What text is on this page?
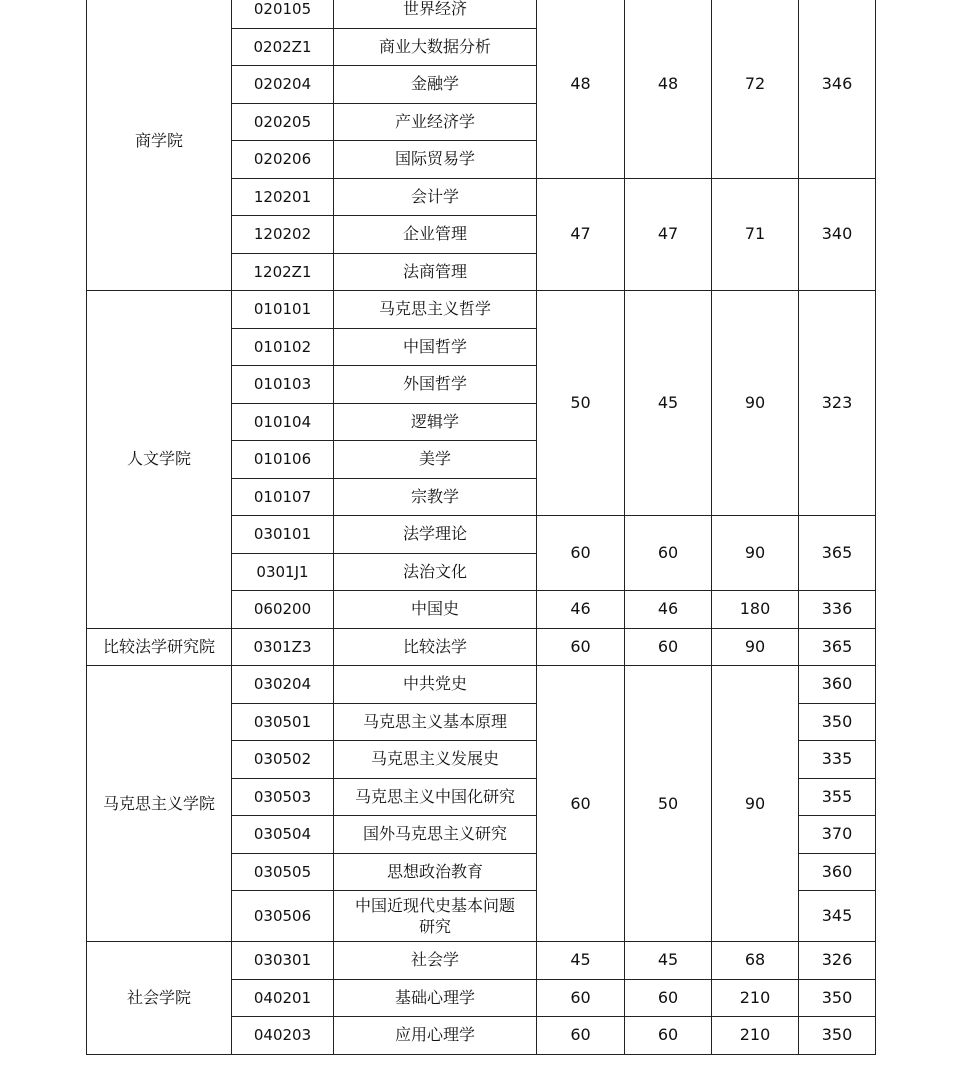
商学院	020105	世界经济	48	48	72	346
	0202Z1	商业大数据分析				
	020204	金融学				
	020205	产业经济学				
	020206	国际贸易学				
	120201	会计学	47	47	71	340
	120202	企业管理				
	1202Z1	法商管理				
人文学院	010101	马克思主义哲学	50	45	90	323
	010102	中国哲学				
	010103	外国哲学				
	010104	逻辑学				
	010106	美学				
	010107	宗教学				
	030101	法学理论	60	60	90	365
	0301J1	法治文化				
	060200	中国史	46	46	180	336
比较法学研究院	0301Z3	比较法学	60	60	90	365
马克思主义学院	030204	中共党史	60	50	90	360
	030501	马克思主义基本原理				350
	030502	马克思主义发展史				335
	030503	马克思主义中国化研究				355
	030504	国外马克思主义研究				370
	030505	思想政治教育				360
	030506	中国近现代史基本问题研究				345
社会学院	030301	社会学	45	45	68	326
	040201	基础心理学	60	60	210	350
	040203	应用心理学	60	60	210	350
